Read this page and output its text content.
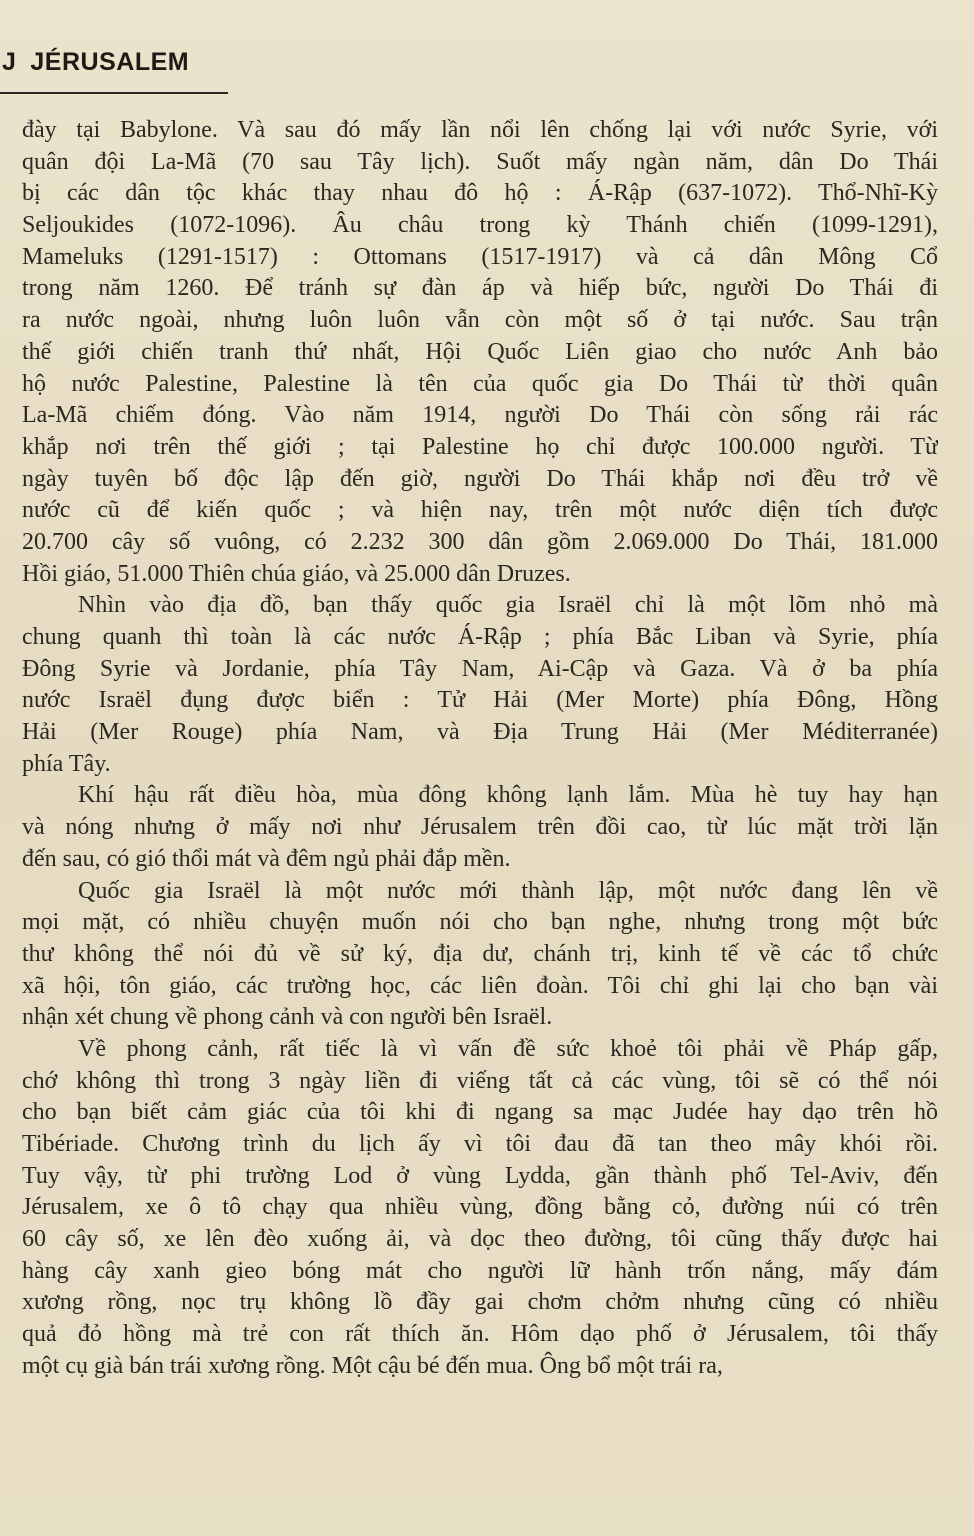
J JÉRUSALEM
đày tại Babylone. Và sau đó mấy lần nổi lên chống lại với nước Syrie, với
quân đội La-Mã (70 sau Tây lịch). Suốt mấy ngàn năm, dân Do Thái
bị các dân tộc khác thay nhau đô hộ : Á-Rập (637-1072). Thổ-Nhĩ-Kỳ
Seljoukides (1072-1096). Âu châu trong kỳ Thánh chiến (1099-1291),
Mameluks (1291-1517) : Ottomans (1517-1917) và cả dân Mông Cổ
trong năm 1260. Để tránh sự đàn áp và hiếp bức, người Do Thái đi
ra nước ngoài, nhưng luôn luôn vẫn còn một số ở tại nước. Sau trận
thế giới chiến tranh thứ nhất, Hội Quốc Liên giao cho nước Anh bảo
hộ nước Palestine, Palestine là tên của quốc gia Do Thái từ thời quân
La-Mã chiếm đóng. Vào năm 1914, người Do Thái còn sống rải rác
khắp nơi trên thế giới ; tại Palestine họ chỉ được 100.000 người. Từ
ngày tuyên bố độc lập đến giờ, người Do Thái khắp nơi đều trở về
nước cũ để kiến quốc ; và hiện nay, trên một nước diện tích được
20.700 cây số vuông, có 2.232 300 dân gồm 2.069.000 Do Thái, 181.000
Hồi giáo, 51.000 Thiên chúa giáo, và 25.000 dân Druzes.
Nhìn vào địa đồ, bạn thấy quốc gia Israël chỉ là một lõm nhỏ mà
chung quanh thì toàn là các nước Á-Rập ; phía Bắc Liban và Syrie, phía
Đông Syrie và Jordanie, phía Tây Nam, Ai-Cập và Gaza. Và ở ba phía
nước Israël đụng được biển : Tử Hải (Mer Morte) phía Đông, Hồng
Hải (Mer Rouge) phía Nam, và Địa Trung Hải (Mer Méditerranée)
phía Tây.
Khí hậu rất điều hòa, mùa đông không lạnh lắm. Mùa hè tuy hay hạn
và nóng nhưng ở mấy nơi như Jérusalem trên đồi cao, từ lúc mặt trời lặn
đến sau, có gió thổi mát và đêm ngủ phải đắp mền.
Quốc gia Israël là một nước mới thành lập, một nước đang lên về
mọi mặt, có nhiều chuyện muốn nói cho bạn nghe, nhưng trong một bức
thư không thể nói đủ về sử ký, địa dư, chánh trị, kinh tế về các tổ chức
xã hội, tôn giáo, các trường học, các liên đoàn. Tôi chỉ ghi lại cho bạn vài
nhận xét chung về phong cảnh và con người bên Israël.
Về phong cảnh, rất tiếc là vì vấn đề sức khoẻ tôi phải về Pháp gấp,
chớ không thì trong 3 ngày liền đi viếng tất cả các vùng, tôi sẽ có thể nói
cho bạn biết cảm giác của tôi khi đi ngang sa mạc Judée hay dạo trên hồ
Tibériade. Chương trình du lịch ấy vì tôi đau đã tan theo mây khói rồi.
Tuy vậy, từ phi trường Lod ở vùng Lydda, gần thành phố Tel-Aviv, đến
Jérusalem, xe ô tô chạy qua nhiều vùng, đồng bằng cỏ, đường núi có trên
60 cây số, xe lên đèo xuống ải, và dọc theo đường, tôi cũng thấy được hai
hàng cây xanh gieo bóng mát cho người lữ hành trốn nắng, mấy đám
xương rồng, nọc trụ không lồ đầy gai chơm chởm nhưng cũng có nhiều
quả đỏ hồng mà trẻ con rất thích ăn. Hôm dạo phố ở Jérusalem, tôi thấy
một cụ già bán trái xương rồng. Một cậu bé đến mua. Ông bổ một trái ra,
